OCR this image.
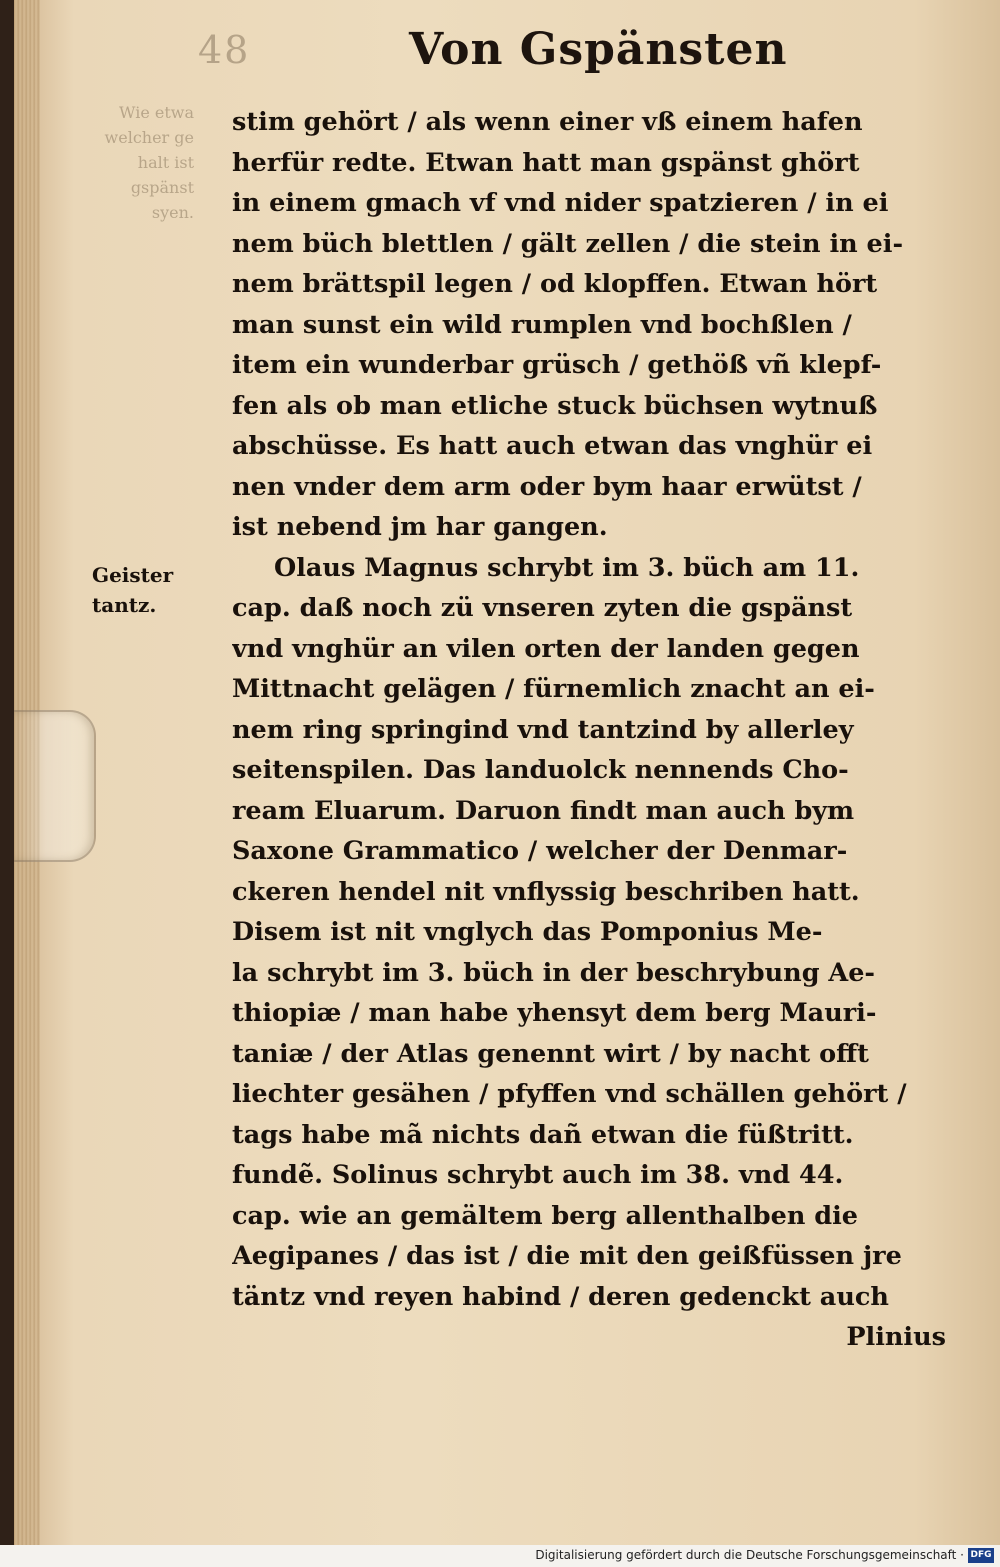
Wie etwa
welcher ge
halt ist
gspänst
syen.
48	Von Gspänsten
Geister
tantz.
stim gehört / als wenn einer vß einem hafen
herfür redte. Etwan hatt man gspänst ghört
in einem gmach vf vnd nider spatzieren / in ei
nem büch blettlen / gält zellen / die stein in ei-
nem brättspil legen / od klopffen. Etwan hört
man sunst ein wild rumplen vnd bochßlen /
item ein wunderbar grüsch / gethöß vñ klepf-
fen als ob man etliche stuck büchsen wytnuß
abschüsse. Es hatt auch etwan das vnghür ei
nen vnder dem arm oder bym haar erwütst /
ist nebend jm har gangen.
Olaus Magnus schrybt im 3. büch am 11.
cap. daß noch zü vnseren zyten die gspänst
vnd vnghür an vilen orten der landen gegen
Mittnacht gelägen / fürnemlich znacht an ei-
nem ring springind vnd tantzind by allerley
seitenspilen. Das landuolck nennends Cho-
ream Eluarum. Daruon findt man auch bym
Saxone Grammatico / welcher der Denmar-
ckeren hendel nit vnflyssig beschriben hatt.
Disem ist nit vnglych das Pomponius Me-
la schrybt im 3. büch in der beschrybung Ae-
thiopiæ / man habe yhensyt dem berg Mauri-
taniæ / der Atlas genennt wirt / by nacht offt
liechter gesähen / pfyffen vnd schällen gehört /
tags habe mã nichts dañ etwan die füßtritt.
fundẽ. Solinus schrybt auch im 38. vnd 44.
cap. wie an gemältem berg allenthalben die
Aegipanes / das ist / die mit den geißfüssen jre
täntz vnd reyen habind / deren gedenckt auch
Plinius
Digitalisierung gefördert durch die Deutsche Forschungsgemeinschaft · DFG
